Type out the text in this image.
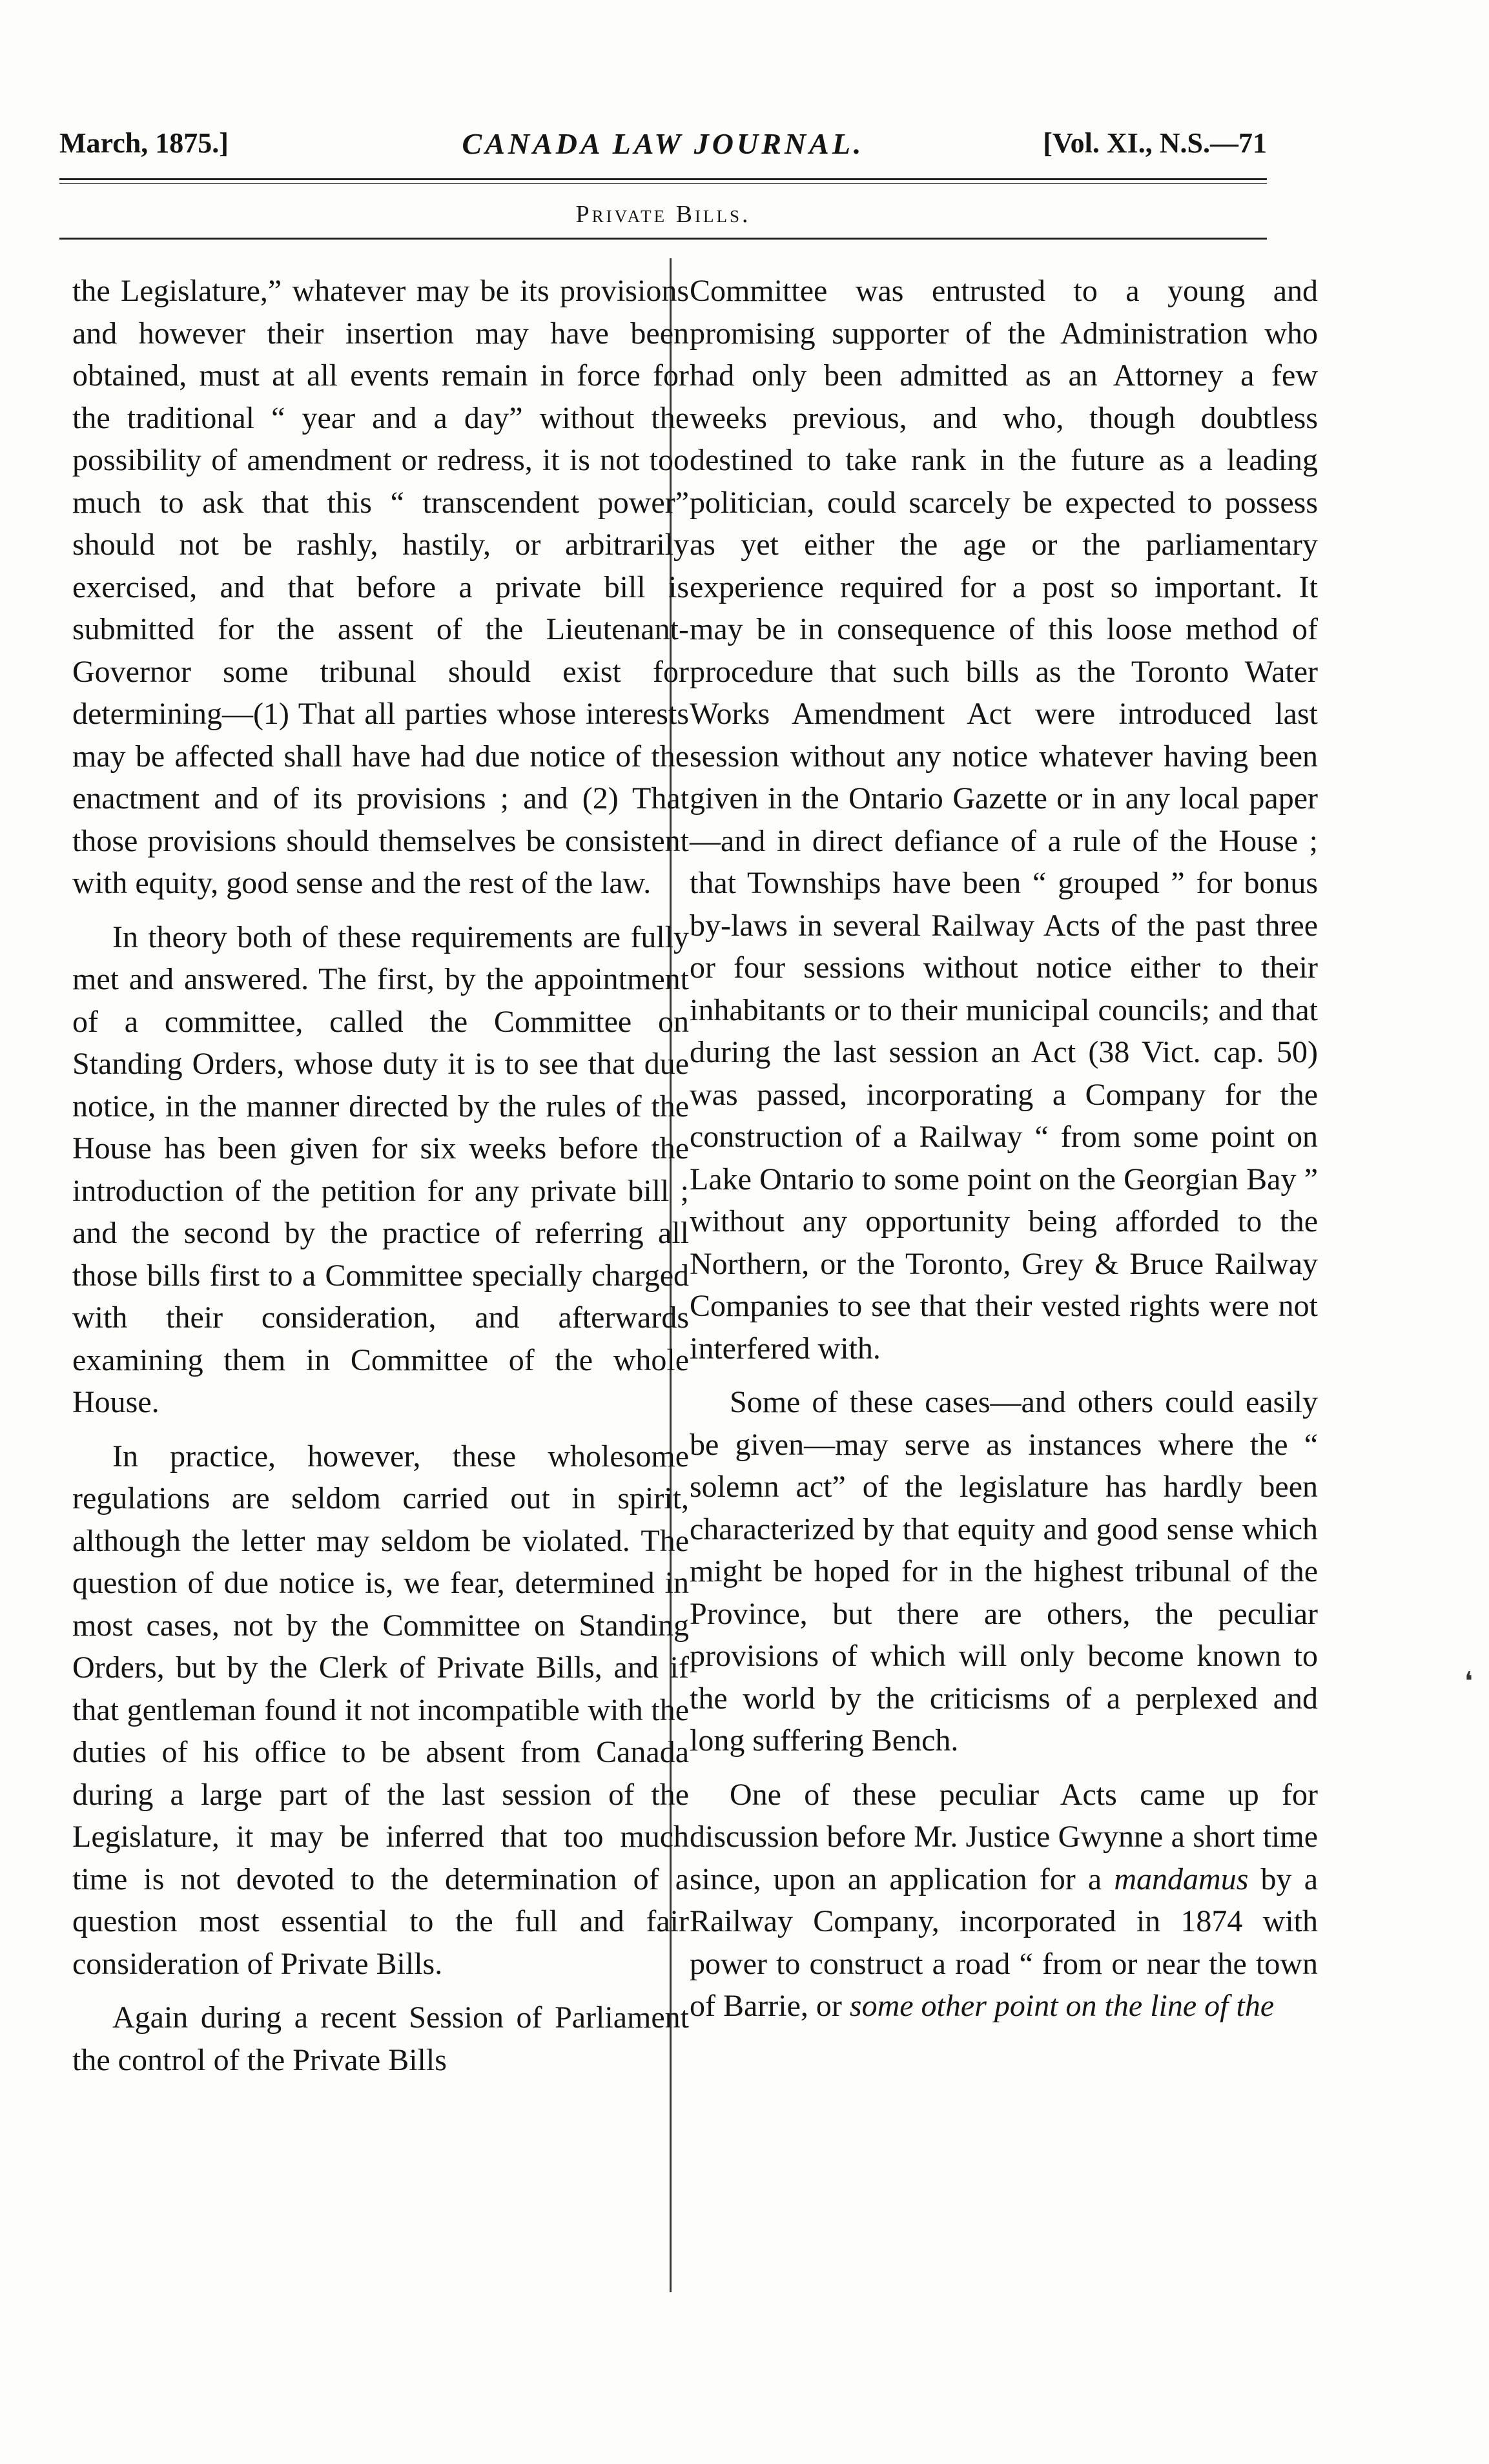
March, 1875.]	CANADA LAW JOURNAL.	[Vol. XI., N.S.—71
Private Bills.

the Legislature,” whatever may be its provisions and however their insertion may have been obtained, must at all events remain in force for the traditional “ year and a day” without the possibility of amendment or redress, it is not too much to ask that this “ transcendent power” should not be rashly, hastily, or arbitrarily exercised, and that before a private bill is submitted for the assent of the Lieutenant-Governor some tribunal should exist for determining—(1) That all parties whose interests may be affected shall have had due notice of the enactment and of its provisions ; and (2) That those provisions should themselves be consistent with equity, good sense and the rest of the law.

In theory both of these requirements are fully met and answered. The first, by the appointment of a committee, called the Committee on Standing Orders, whose duty it is to see that due notice, in the manner directed by the rules of the House has been given for six weeks before the introduction of the petition for any private bill ; and the second by the practice of referring all those bills first to a Committee specially charged with their consideration, and afterwards examining them in Committee of the whole House.

In practice, however, these wholesome regulations are seldom carried out in spirit, although the letter may seldom be violated. The question of due notice is, we fear, determined in most cases, not by the Committee on Standing Orders, but by the Clerk of Private Bills, and if that gentleman found it not incompatible with the duties of his office to be absent from Canada during a large part of the last session of the Legislature, it may be inferred that too much time is not devoted to the determination of a question most essential to the full and fair consideration of Private Bills.

Again during a recent Session of Parliament the control of the Private Bills

Committee was entrusted to a young and promising supporter of the Administration who had only been admitted as an Attorney a few weeks previous, and who, though doubtless destined to take rank in the future as a leading politician, could scarcely be expected to possess as yet either the age or the parliamentary experience required for a post so important. It may be in consequence of this loose method of procedure that such bills as the Toronto Water Works Amendment Act were introduced last session without any notice whatever having been given in the Ontario Gazette or in any local paper—and in direct defiance of a rule of the House ; that Townships have been “ grouped ” for bonus by-laws in several Railway Acts of the past three or four sessions without notice either to their inhabitants or to their municipal councils; and that during the last session an Act (38 Vict. cap. 50) was passed, incorporating a Company for the construction of a Railway “ from some point on Lake Ontario to some point on the Georgian Bay ” without any opportunity being afforded to the Northern, or the Toronto, Grey & Bruce Railway Companies to see that their vested rights were not interfered with.

Some of these cases—and others could easily be given—may serve as instances where the “ solemn act” of the legislature has hardly been characterized by that equity and good sense which might be hoped for in the highest tribunal of the Province, but there are others, the peculiar provisions of which will only become known to the world by the criticisms of a perplexed and long suffering Bench.

One of these peculiar Acts came up for discussion before Mr. Justice Gwynne a short time since, upon an application for a mandamus by a Railway Company, incorporated in 1874 with power to construct a road “ from or near the town of Barrie, or some other point on the line of the

❛
